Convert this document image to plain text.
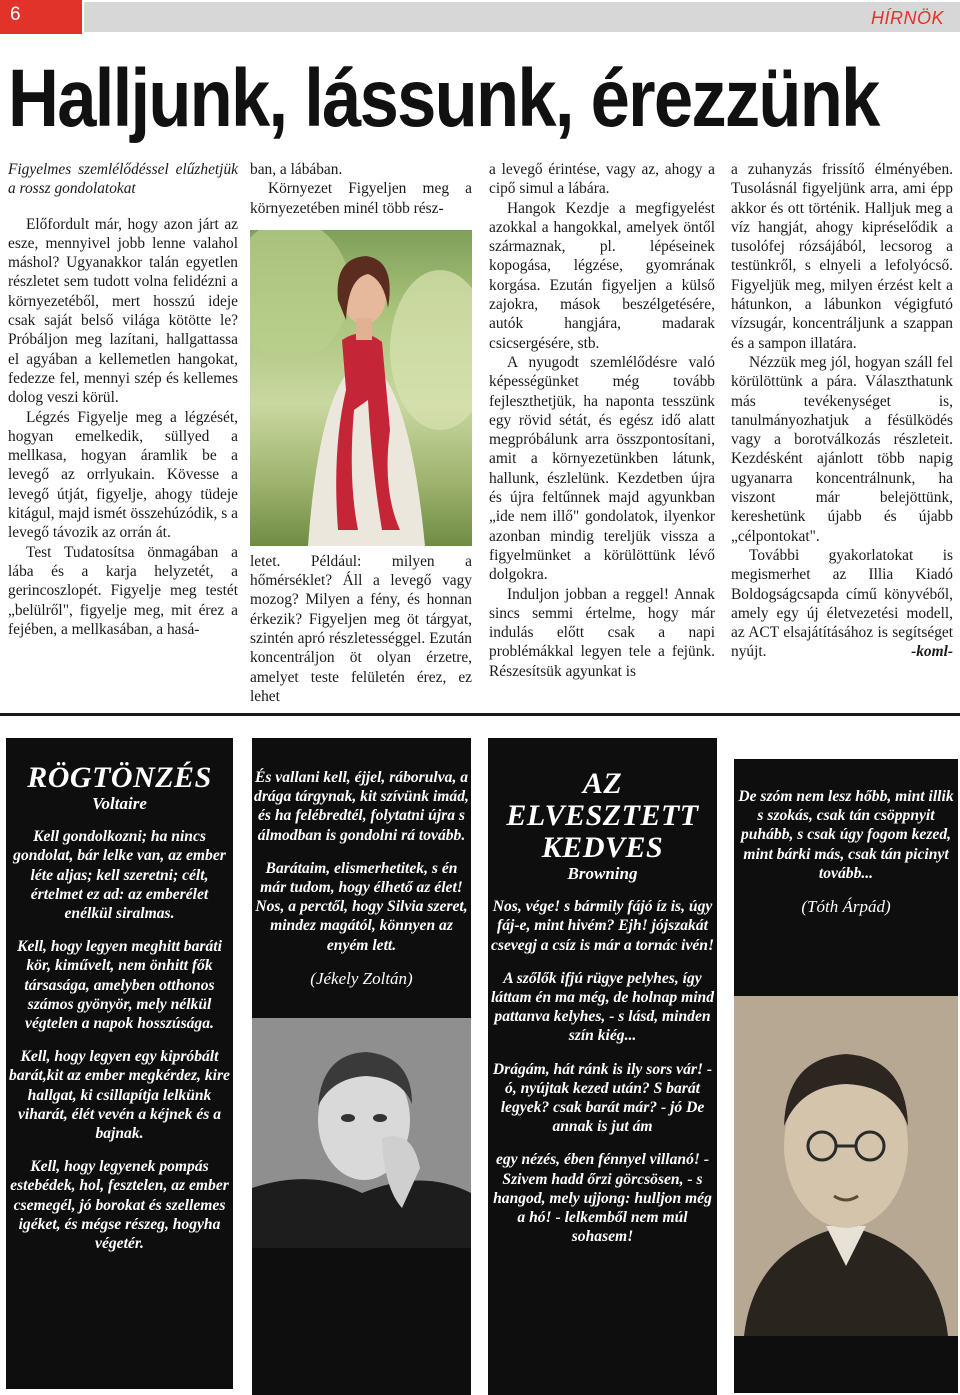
6	HÍRNÖK
Halljunk, lássunk, érezzünk

Figyelmes szemlélődéssel elűzhetjük a rossz gondolatokat

Előfordult már, hogy azon járt az esze, mennyivel jobb lenne valahol máshol? Ugyanakkor talán egyetlen részletet sem tudott volna felidézni a környezetéből, mert hosszú ideje csak saját belső világa kötötte le? Próbáljon meg lazítani, hallgattassa el agyában a kellemetlen hangokat, fedezze fel, mennyi szép és kellemes dolog veszi körül.

Légzés Figyelje meg a légzését, hogyan emelkedik, süllyed a mellkasa, hogyan áramlik be a levegő az orrlyukain. Kövesse a levegő útját, figyelje, ahogy tüdeje kitágul, majd ismét összehúzódik, s a levegő távozik az orrán át.

Test Tudatosítsa önmagában a lába és a karja helyzetét, a gerincoszlopét. Figyelje meg testét „belülről", figyelje meg, mit érez a fejében, a mellkasában, a hasá-

ban, a lábában.

Környezet Figyeljen meg a környezetében minél több rész-

letet. Például: milyen a hőmérséklet? Áll a levegő vagy mozog? Milyen a fény, és honnan érkezik? Figyeljen meg öt tárgyat, szintén apró részletességgel. Ezután koncentráljon öt olyan érzetre, amelyet teste felületén érez, ez lehet

a levegő érintése, vagy az, ahogy a cipő simul a lábára.

Hangok Kezdje a megfigyelést azokkal a hangokkal, amelyek öntől származnak, pl. lépéseinek kopogása, légzése, gyomrának korgása. Ezután figyeljen a külső zajokra, mások beszélgetésére, autók hangjára, madarak csicsergésére, stb.

A nyugodt szemlélődésre való képességünket még tovább fejleszthetjük, ha naponta tesszünk egy rövid sétát, és egész idő alatt megpróbálunk arra összpontosítani, amit a környezetünkben látunk, hallunk, észlelünk. Kezdetben újra és újra feltűnnek majd agyunkban „ide nem illő" gondolatok, ilyenkor azonban mindig tereljük vissza a figyelmünket a körülöttünk lévő dolgokra.

Induljon jobban a reggel! Annak sincs semmi értelme, hogy már indulás előtt csak a napi problémákkal legyen tele a fejünk. Részesítsük agyunkat is

a zuhanyzás frissítő élményében. Tusolásnál figyeljünk arra, ami épp akkor és ott történik. Halljuk meg a víz hangját, ahogy kipréselődik a tusolófej rózsájából, lecsorog a testünkről, s elnyeli a lefolyócső. Figyeljük meg, milyen érzést kelt a hátunkon, a lábunkon végigfutó vízsugár, koncentráljunk a szappan és a sampon illatára.

Nézzük meg jól, hogyan száll fel körülöttünk a pára. Választhatunk más tevékenységet is, tanulmányozhatjuk a fésülködés vagy a borotválkozás részleteit. Kezdésként ajánlott több napig ugyanarra koncentrálnunk, ha viszont már belejöttünk, kereshetünk újabb és újabb „célpontokat".

További gyakorlatokat is megismerhet az Illia Kiadó Boldogságcsapda című könyvéből, amely egy új életvezetési modell, az ACT elsajátításához is segítséget nyújt.	-koml-

RÖGTÖNZÉS
Voltaire

Kell gondolkozni; ha nincs gondolat, bár lelke van, az ember léte aljas; kell szeretni; célt, értelmet ez ad: az emberélet enélkül siralmas.

Kell, hogy legyen meghitt baráti kör, kiművelt, nem önhitt fők társasága, amelyben otthonos számos gyönyör, mely nélkül végtelen a napok hosszúsága.

Kell, hogy legyen egy kipróbált barát,kit az ember megkérdez, kire hallgat, ki csillapítja lelkünk viharát, élét vevén a kéjnek és a bajnak.

Kell, hogy legyenek pompás estebédek, hol, fesztelen, az ember csemegél, jó borokat és szellemes igéket, és mégse részeg, hogyha végetér.

És vallani kell, éjjel, ráborulva, a drága tárgynak, kit szívünk imád, és ha felébredtél, folytatni újra s álmodban is gondolni rá tovább.

Barátaim, elismerhetitek, s én már tudom, hogy élhető az élet! Nos, a perctől, hogy Silvia szeret, mindez magától, könnyen az enyém lett.

(Jékely Zoltán)

AZ ELVESZTETT KEDVES
Browning

Nos, vége! s bármily fájó íz is, úgy fáj-e, mint hivém? Ejh! jójszakát csevegj a csíz is már a tornác ivén!

A szőlők ifjú rügye pelyhes, így láttam én ma még, de holnap mind pattanva kelyhes, - s lásd, minden szín kiég...

Drágám, hát ránk is ily sors vár! - ó, nyújtak kezed után? S barát legyek? csak barát már? - jó De annak is jut ám

egy nézés, ében fénnyel villanó! - Szivem hadd őrzi görcsösen, - s hangod, mely ujjong: hulljon még a hó! - lelkemből nem múl sohasem!

De szóm nem lesz hőbb, mint illik s szokás, csak tán csöppnyit puhább, s csak úgy fogom kezed, mint bárki más, csak tán picinyt tovább...

(Tóth Árpád)
